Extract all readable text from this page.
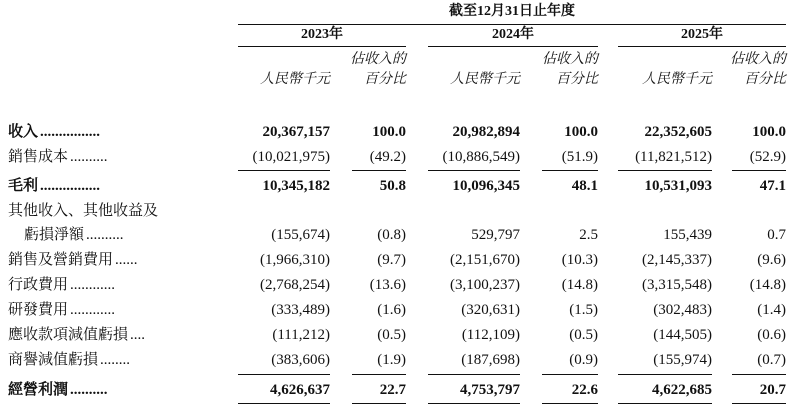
截至12月31日止年度
2023年	2024年	2025年
人民幣千元
佔收入的
百分比	人民幣千元
佔收入的
百分比	人民幣千元
佔收入的
百分比
收入 ................	20,367,157	100.0	20,982,894	100.0	22,352,605	100.0
銷售成本 ..........	(10,021,975)	(49.2) (10,886,549)	(51.9) (11,821,512)	(52.9)
毛利 ................	10,345,182	50.8	10,096,345	48.1	10,531,093	47.1
其他收入、其他收益及
虧損淨額 ..........	(155,674)	(0.8)	529,797	2.5	155,439	0.7
銷售及營銷費用 ......	(1,966,310)	(9.7)	(2,151,670)	(10.3)	(2,145,337)	(9.6)
行政費用 ............	(2,768,254)	(13.6)	(3,100,237)	(14.8)	(3,315,548)	(14.8)
研發費用 ............	(333,489)	(1.6)	(320,631)	(1.5)	(302,483)	(1.4)
應收款項減值虧損 ....	(111,212)	(0.5)	(112,109)	(0.5)	(144,505)	(0.6)
商譽減值虧損 ........	(383,606)	(1.9)	(187,698)	(0.9)	(155,974)	(0.7)
經營利潤 ..........	4,626,637	22.7	4,753,797	22.6	4,622,685	20.7
